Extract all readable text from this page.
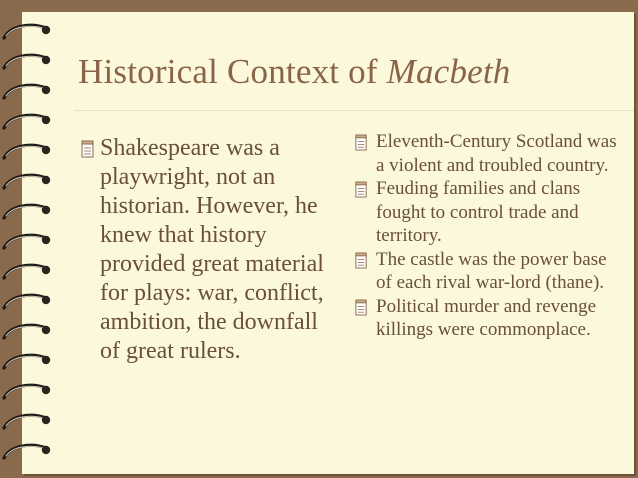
Historical Context of Macbeth
Shakespeare was a playwright, not an historian. However, he knew that history provided great material for plays: war, conflict, ambition, the downfall of great rulers.
Eleventh-Century Scotland was a violent and troubled country.
Feuding families and clans fought to control trade and territory.
The castle was the power base of each rival war-lord (thane).
Political murder and revenge killings were commonplace.
